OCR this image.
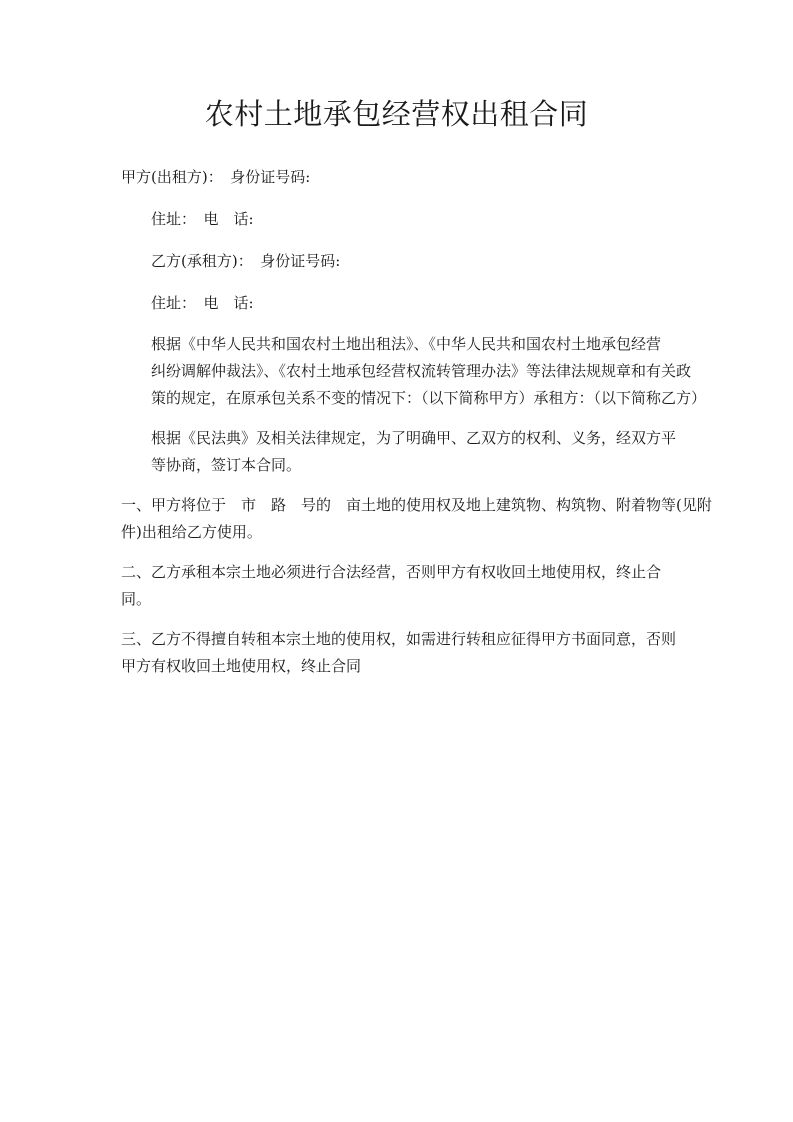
农村土地承包经营权出租合同

甲方(出租方)：　身份证号码:

住址：　电　话:

乙方(承租方)：　身份证号码:

住址：　电　话:

根据《中华人民共和国农村土地出租法》、《中华人民共和国农村土地承包经营
纠纷调解仲裁法》、《农村土地承包经营权流转管理办法》等法律法规规章和有关政
策的规定，在原承包关系不变的情况下：（以下简称甲方）承租方：（以下简称乙方）
根据《民法典》及相关法律规定，为了明确甲、乙双方的权利、义务，经双方平
等协商，签订本合同。
一、甲方将位于　市　路　号的　亩土地的使用权及地上建筑物、构筑物、附着物等(见附
件)出租给乙方使用。
二、乙方承租本宗土地必须进行合法经营，否则甲方有权收回土地使用权，终止合
同。
三、乙方不得擅自转租本宗土地的使用权，如需进行转租应征得甲方书面同意，否则
甲方有权收回土地使用权，终止合同
